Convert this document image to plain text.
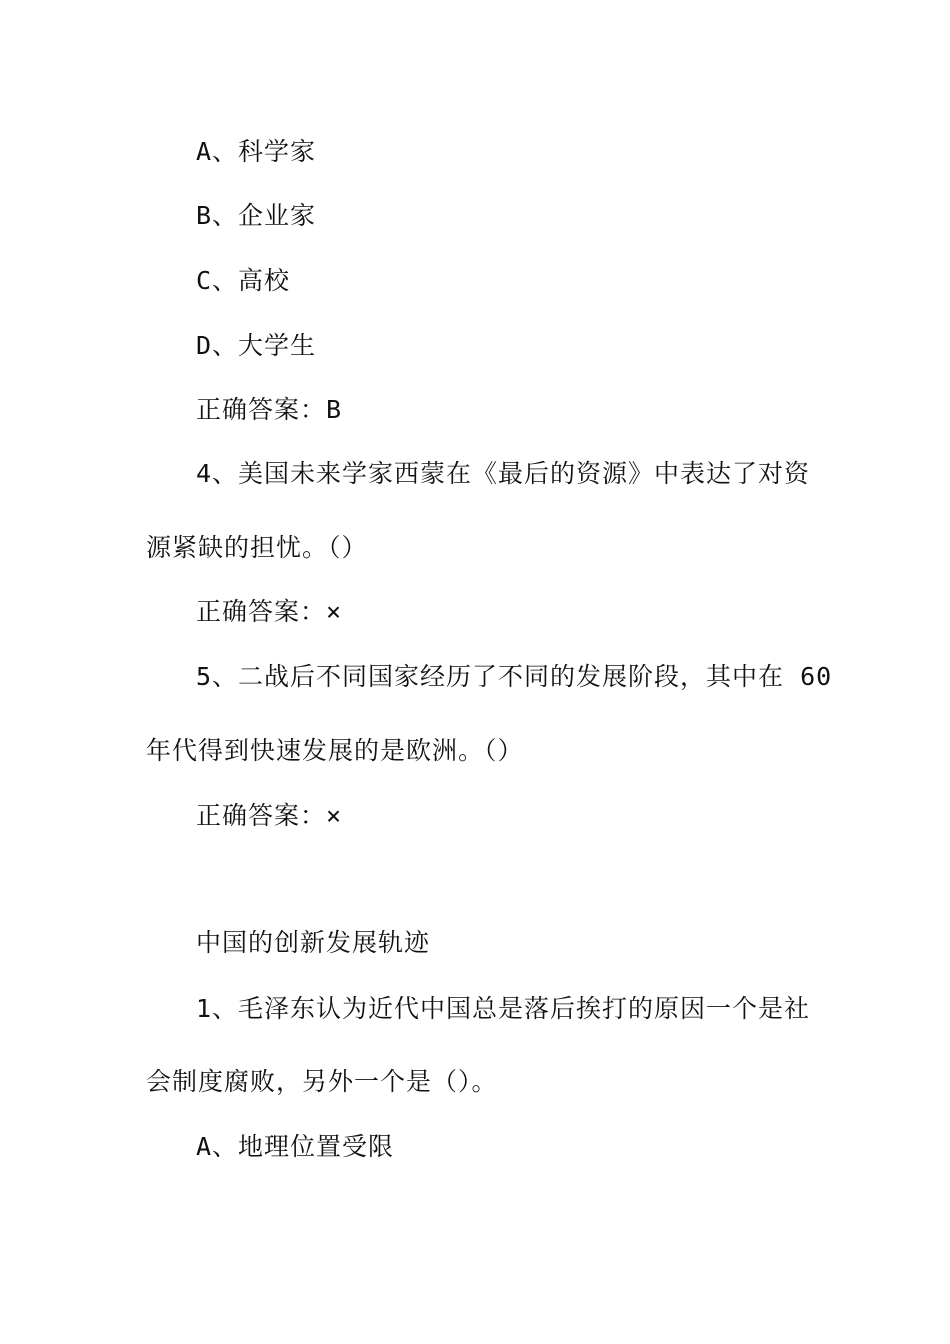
A、科学家
B、企业家
C、高校
D、大学生
正确答案：B
4、美国未来学家西蒙在《最后的资源》中表达了对资
源紧缺的担忧。（）
正确答案：×
5、二战后不同国家经历了不同的发展阶段，其中在 60
年代得到快速发展的是欧洲。（）
正确答案：×
中国的创新发展轨迹
1、毛泽东认为近代中国总是落后挨打的原因一个是社
会制度腐败，另外一个是（）。
A、地理位置受限
